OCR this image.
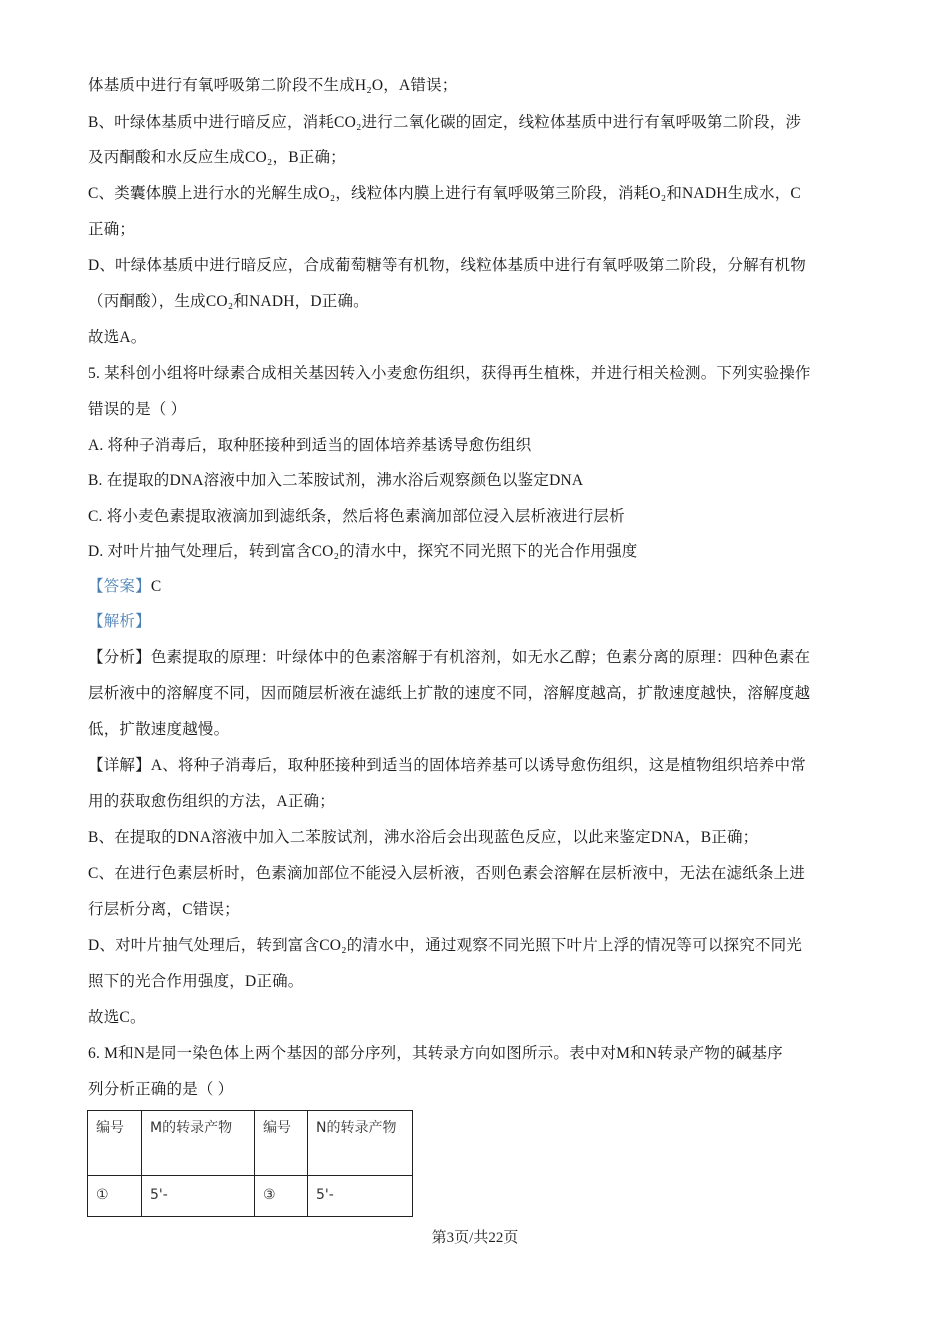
体基质中进行有氧呼吸第二阶段不生成H₂O，A错误；
B、叶绿体基质中进行暗反应，消耗CO₂进行二氧化碳的固定，线粒体基质中进行有氧呼吸第二阶段，涉
及丙酮酸和水反应生成CO₂，B正确；
C、类囊体膜上进行水的光解生成O₂，线粒体内膜上进行有氧呼吸第三阶段，消耗O₂和NADH生成水，C
正确；
D、叶绿体基质中进行暗反应，合成葡萄糖等有机物，线粒体基质中进行有氧呼吸第二阶段，分解有机物
（丙酮酸），生成CO₂和NADH，D正确。
故选A。
5. 某科创小组将叶绿素合成相关基因转入小麦愈伤组织，获得再生植株，并进行相关检测。下列实验操作
错误的是（ ）
A. 将种子消毒后，取种胚接种到适当的固体培养基诱导愈伤组织
B. 在提取的DNA溶液中加入二苯胺试剂，沸水浴后观察颜色以鉴定DNA
C. 将小麦色素提取液滴加到滤纸条，然后将色素滴加部位浸入层析液进行层析
D. 对叶片抽气处理后，转到富含CO₂的清水中，探究不同光照下的光合作用强度
【答案】C
【解析】
【分析】色素提取的原理：叶绿体中的色素溶解于有机溶剂，如无水乙醇；色素分离的原理：四种色素在
层析液中的溶解度不同，因而随层析液在滤纸上扩散的速度不同，溶解度越高，扩散速度越快，溶解度越
低，扩散速度越慢。
【详解】A、将种子消毒后，取种胚接种到适当的固体培养基可以诱导愈伤组织，这是植物组织培养中常
用的获取愈伤组织的方法，A正确；
B、在提取的DNA溶液中加入二苯胺试剂，沸水浴后会出现蓝色反应，以此来鉴定DNA，B正确；
C、在进行色素层析时，色素滴加部位不能浸入层析液，否则色素会溶解在层析液中，无法在滤纸条上进
行层析分离，C错误；
D、对叶片抽气处理后，转到富含CO₂的清水中，通过观察不同光照下叶片上浮的情况等可以探究不同光
照下的光合作用强度，D正确。
故选C。
6. M和N是同一染色体上两个基因的部分序列，其转录方向如图所示。表中对M和N转录产物的碱基序
列分析正确的是（ ）
编号	M的转录产物	编号	N的转录产物
①	5'-	③	5'-
第3页/共22页
